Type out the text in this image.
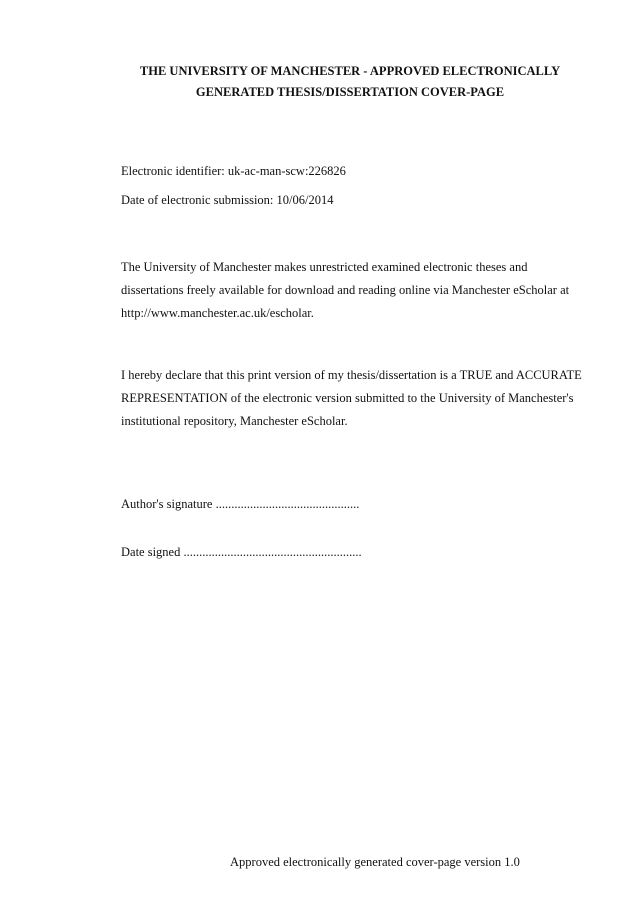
THE UNIVERSITY OF MANCHESTER - APPROVED ELECTRONICALLY
GENERATED THESIS/DISSERTATION COVER-PAGE
Electronic identifier: uk-ac-man-scw:226826
Date of electronic submission: 10/06/2014
The University of Manchester makes unrestricted examined electronic theses and
dissertations freely available for download and reading online via Manchester eScholar at
http://www.manchester.ac.uk/escholar.
I hereby declare that this print version of my thesis/dissertation is a TRUE and ACCURATE
REPRESENTATION of the electronic version submitted to the University of Manchester's
institutional repository, Manchester eScholar.
Author's signature ..............................................
Date signed .........................................................
Approved electronically generated cover-page version 1.0
